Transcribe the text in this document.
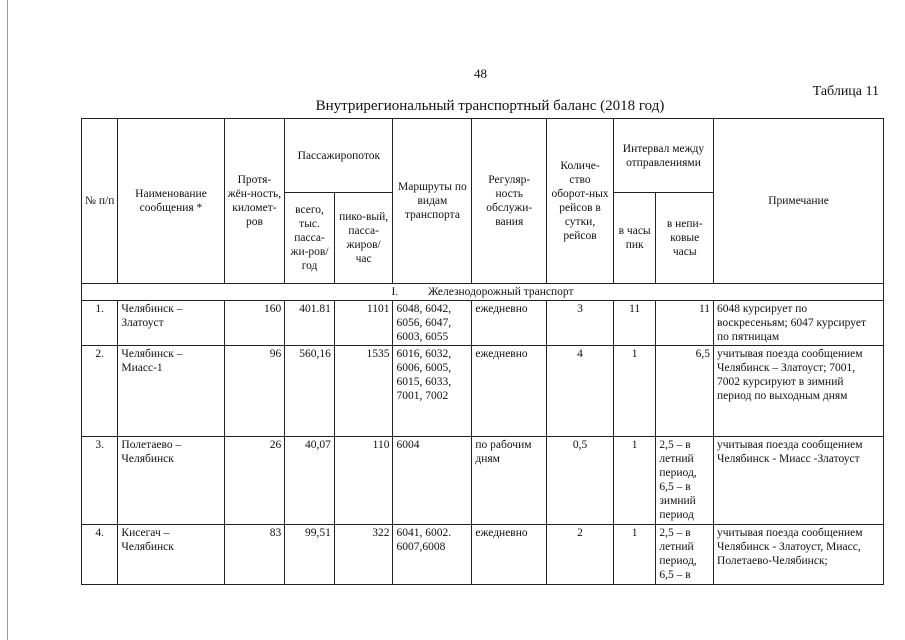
48
Таблица 11
Внутрирегиональный транспортный баланс (2018 год)
№ п/п	Наименование сообщения *	Протя-жён-ность, километ-ров	Пассажиропоток		Маршруты по видам транспорта	Регуляр-ность обслужи-вания	Количе-ство оборот-ных рейсов в сутки, рейсов	Интервал между отправлениями		Примечание
			всего, тыс. пасса-жи-ров/ год	пико-вый, пасса-жиров/ час				в часы пик	в непи-ковые часы	
I. Железнодорожный транспорт										
1.	Челябинск – Златоуст	160	401.81	1101	6048, 6042, 6056, 6047, 6003, 6055	ежедневно	3	11	11	6048 курсирует по воскресеньям; 6047 курсирует по пятницам
2.	Челябинск – Миасс-1	96	560,16	1535	6016, 6032, 6006, 6005, 6015, 6033, 7001, 7002	ежедневно	4	1	6,5	учитывая поезда сообщением Челябинск – Златоуст; 7001, 7002 курсируют в зимний период по выходным дням
3.	Полетаево – Челябинск	26	40,07	110	6004	по рабочим дням	0,5	1	2,5 – в летний период, 6,5 – в зимний период	учитывая поезда сообщением Челябинск - Миасс -Златоуст
4.	Кисегач – Челябинск	83	99,51	322	6041, 6002. 6007,6008	ежедневно	2	1	2,5 – в летний период, 6,5 – в	учитывая поезда сообщением Челябинск - Златоуст, Миасс, Полетаево-Челябинск;
